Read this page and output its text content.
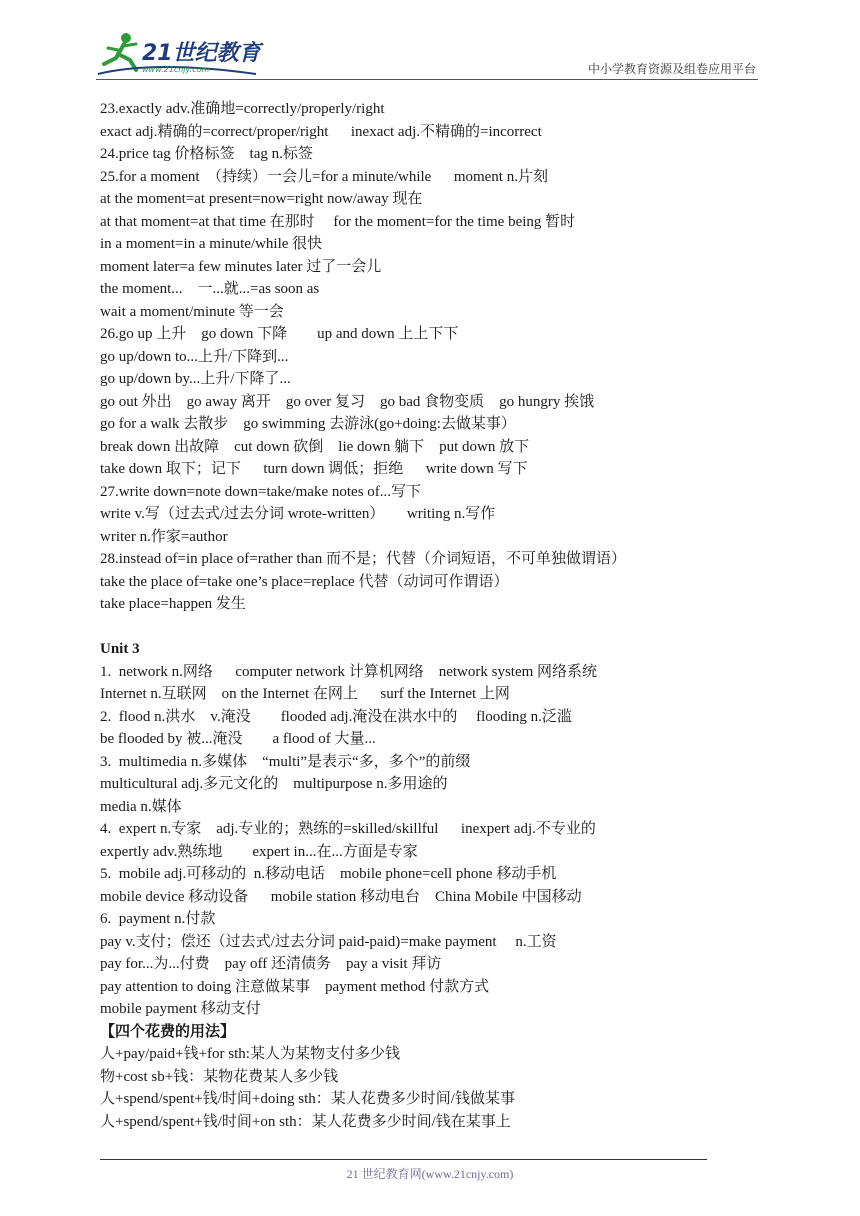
21世纪教育
www.21cnjy.com	中小学教育资源及组卷应用平台
23.exactly adv.准确地=correctly/properly/right
exact adj.精确的=correct/proper/right      inexact adj.不精确的=incorrect
24.price tag 价格标签    tag n.标签
25.for a moment  （持续）一会儿=for a minute/while      moment n.片刻
at the moment=at present=now=right now/away 现在
at that moment=at that time 在那时     for the moment=for the time being 暂时
in a moment=in a minute/while 很快
moment later=a few minutes later 过了一会儿
the moment...    一...就...=as soon as
wait a moment/minute 等一会
26.go up 上升    go down 下降        up and down 上上下下
go up/down to...上升/下降到...
go up/down by...上升/下降了...
go out 外出    go away 离开    go over 复习    go bad 食物变质    go hungry 挨饿
go for a walk 去散步    go swimming 去游泳(go+doing:去做某事）
break down 出故障    cut down 砍倒    lie down 躺下    put down 放下
take down 取下；记下      turn down 调低；拒绝      write down 写下
27.write down=note down=take/make notes of...写下
write v.写（过去式/过去分词 wrote-written）      writing n.写作
writer n.作家=author
28.instead of=in place of=rather than 而不是；代替（介词短语，不可单独做谓语）
take the place of=take one’s place=replace 代替（动词可作谓语）
take place=happen 发生
Unit 3
1.  network n.网络      computer network 计算机网络    network system 网络系统
Internet n.互联网    on the Internet 在网上      surf the Internet 上网
2.  flood n.洪水    v.淹没        flooded adj.淹没在洪水中的     flooding n.泛滥
be flooded by 被...淹没        a flood of 大量...
3.  multimedia n.多媒体    “multi”是表示“多，多个”的前缀
multicultural adj.多元文化的    multipurpose n.多用途的
media n.媒体
4.  expert n.专家    adj.专业的；熟练的=skilled/skillful      inexpert adj.不专业的
expertly adv.熟练地        expert in...在...方面是专家
5.  mobile adj.可移动的  n.移动电话    mobile phone=cell phone 移动手机
mobile device 移动设备      mobile station 移动电台    China Mobile 中国移动
6.  payment n.付款
pay v.支付；偿还（过去式/过去分词 paid-paid)=make payment     n.工资
pay for...为...付费    pay off 还清债务    pay a visit 拜访
pay attention to doing 注意做某事    payment method 付款方式
mobile payment 移动支付
【四个花费的用法】
人+pay/paid+钱+for sth:某人为某物支付多少钱
物+cost sb+钱：某物花费某人多少钱
人+spend/spent+钱/时间+doing sth：某人花费多少时间/钱做某事
人+spend/spent+钱/时间+on sth：某人花费多少时间/钱在某事上
21 世纪教育网(www.21cnjy.com)
